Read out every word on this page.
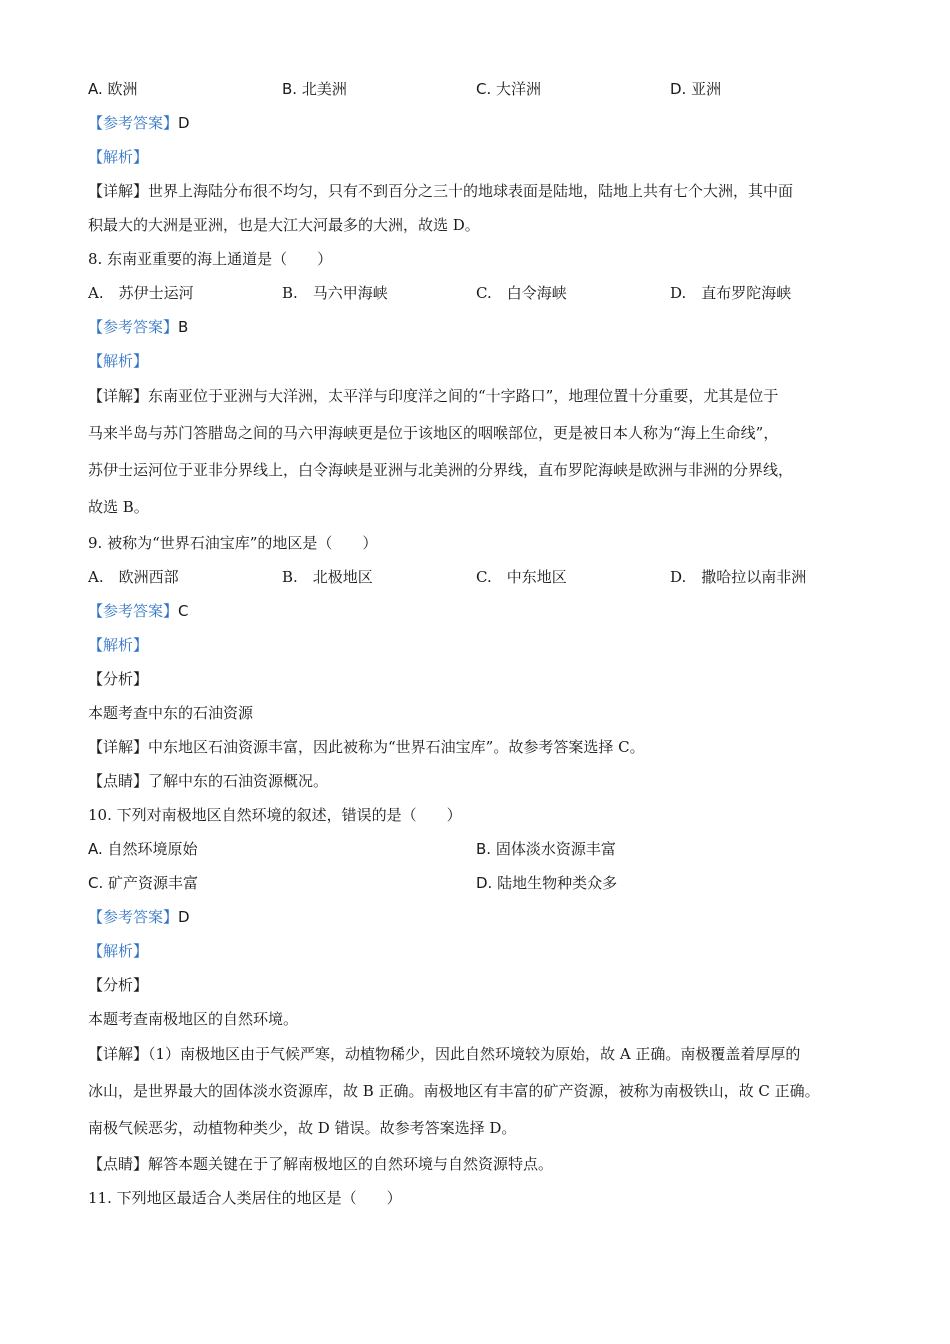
A. 欧洲	B. 北美洲	C. 大洋洲	D. 亚洲
【参考答案】D
【解析】
【详解】世界上海陆分布很不均匀，只有不到百分之三十的地球表面是陆地，陆地上共有七个大洲，其中面
积最大的大洲是亚洲，也是大江大河最多的大洲，故选 D。
8. 东南亚重要的海上通道是（　　）
A.　苏伊士运河	B.　马六甲海峡	C.　白令海峡	D.　直布罗陀海峡
【参考答案】B
【解析】
【详解】东南亚位于亚洲与大洋洲，太平洋与印度洋之间的“十字路口”，地理位置十分重要，尤其是位于
马来半岛与苏门答腊岛之间的马六甲海峡更是位于该地区的咽喉部位，更是被日本人称为“海上生命线”，
苏伊士运河位于亚非分界线上，白令海峡是亚洲与北美洲的分界线，直布罗陀海峡是欧洲与非洲的分界线，
故选 B。
9. 被称为“世界石油宝库”的地区是（　　）
A.　欧洲西部	B.　北极地区	C.　中东地区	D.　撒哈拉以南非洲
【参考答案】C
【解析】
【分析】
本题考查中东的石油资源
【详解】中东地区石油资源丰富，因此被称为“世界石油宝库”。故参考答案选择 C。
【点睛】了解中东的石油资源概况。
10. 下列对南极地区自然环境的叙述，错误的是（　　）
A. 自然环境原始	B. 固体淡水资源丰富
C. 矿产资源丰富	D. 陆地生物种类众多
【参考答案】D
【解析】
【分析】
本题考查南极地区的自然环境。
【详解】（1）南极地区由于气候严寒，动植物稀少，因此自然环境较为原始，故 A 正确。南极覆盖着厚厚的
冰山，是世界最大的固体淡水资源库，故 B 正确。南极地区有丰富的矿产资源，被称为南极铁山，故 C 正确。
南极气候恶劣，动植物种类少，故 D 错误。故参考答案选择 D。
【点睛】解答本题关键在于了解南极地区的自然环境与自然资源特点。
11. 下列地区最适合人类居住的地区是（　　）
